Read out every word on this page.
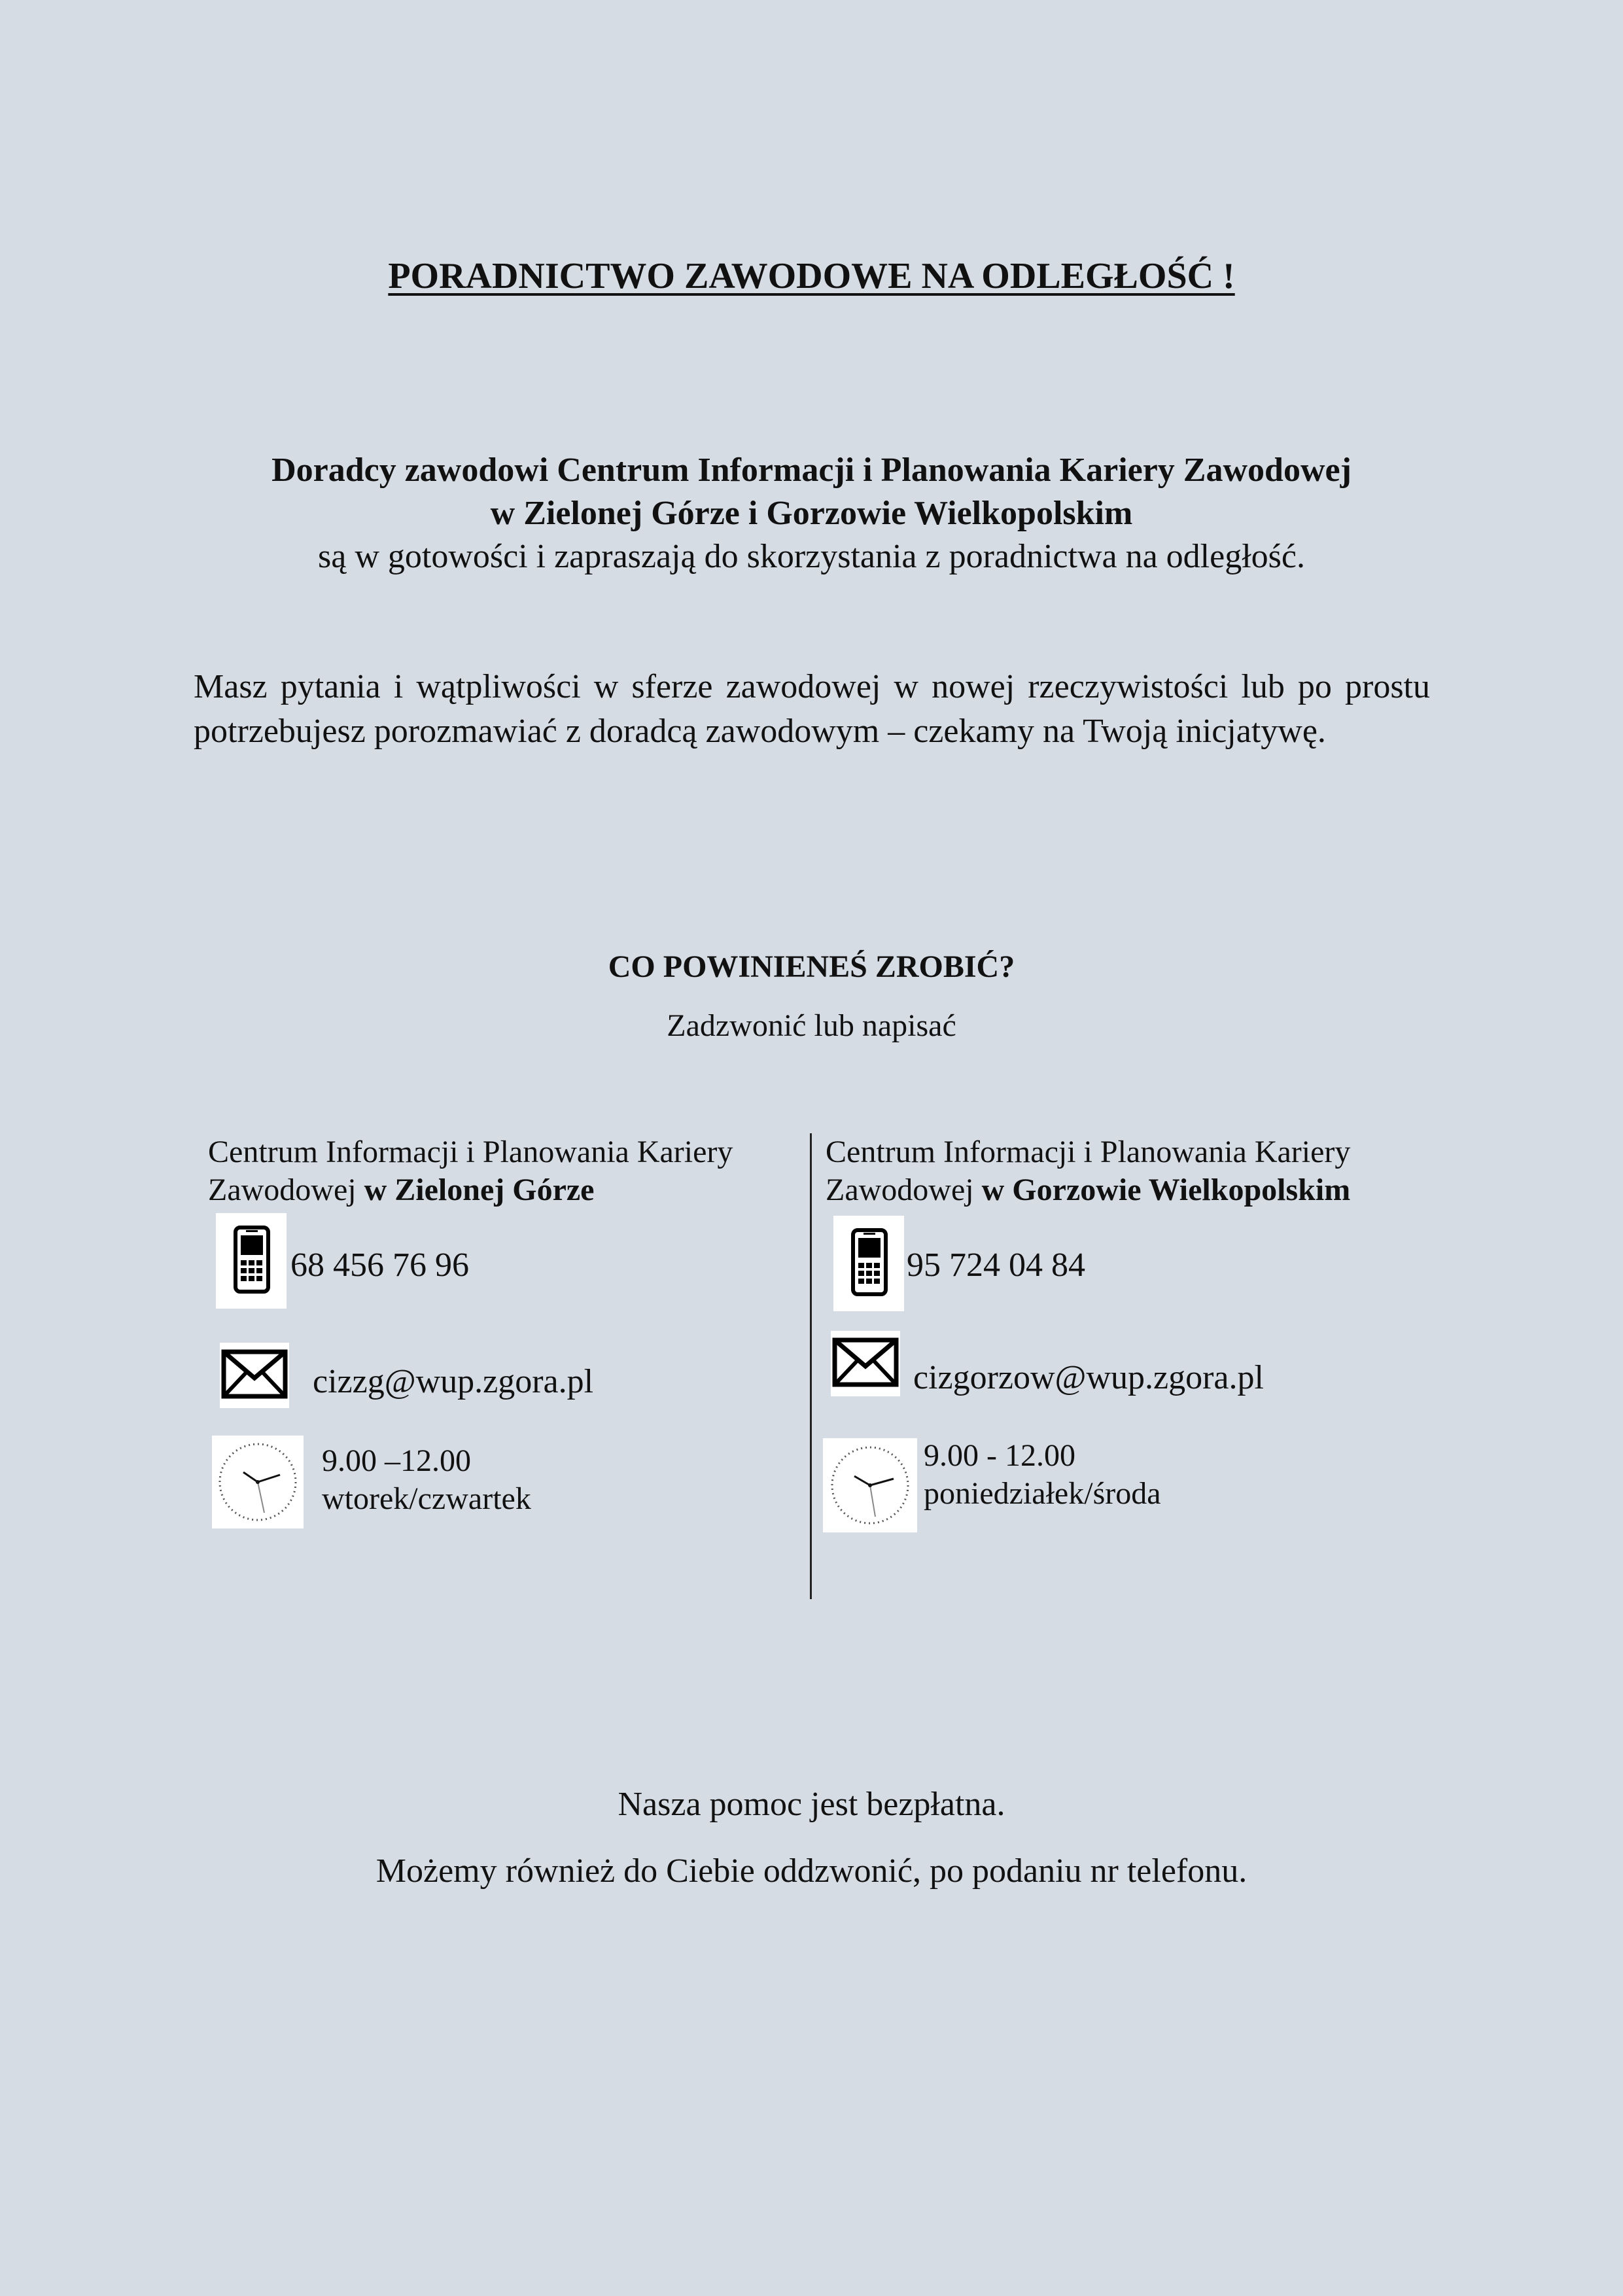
PORADNICTWO ZAWODOWE NA ODLEGŁOŚĆ !
Doradcy zawodowi Centrum Informacji i Planowania Kariery Zawodowej
w Zielonej Górze i Gorzowie Wielkopolskim
są w gotowości i zapraszają do skorzystania z poradnictwa na odległość.
Masz pytania i wątpliwości w sferze zawodowej w nowej rzeczywistości lub po prostu potrzebujesz porozmawiać z doradcą zawodowym – czekamy na Twoją inicjatywę.
CO POWINIENEŚ ZROBIĆ?
Zadzwonić lub napisać
Centrum Informacji i Planowania Kariery
Zawodowej w Zielonej Górze
68 456 76 96
cizzg@wup.zgora.pl
9.00 –12.00
wtorek/czwartek
Centrum Informacji i Planowania Kariery
Zawodowej w Gorzowie Wielkopolskim
95 724 04 84
cizgorzow@wup.zgora.pl
9.00 - 12.00
poniedziałek/środa
Nasza pomoc jest bezpłatna.
Możemy również do Ciebie oddzwonić, po podaniu nr telefonu.
